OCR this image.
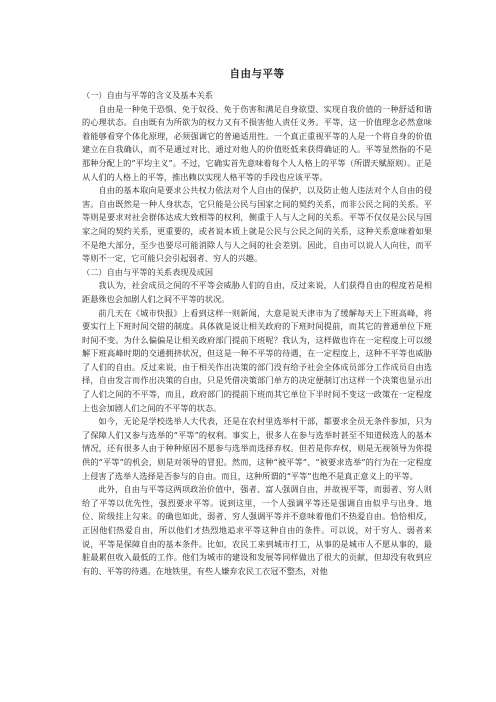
自由与平等

（一）自由与平等的含义及基本关系

自由是一种免于恐惧、免于奴役、免于伤害和满足自身欲望、实现自我价值的一种舒适和谐的心理状态。自由既有为所欲为的权力又有不损害他人责任义务。平等，这一价值理念必然意味着能够看穿个体化原理，必须强调它的普遍适用性。一个真正重视平等的人是一个将自身的价值建立在自我确认，而不是通过对比、通过对他人的价值贬低来获得确证的人。平等显然指的不是那种分配上的“平均主义”。不过，它确实首先意味着每个人人格上的平等（所谓天赋原则）。正是从人们的人格上的平等，推出赖以实现人格平等的手段也应该平等。

自由的基本取向是要求公共权力依法对个人自由的保护，以及防止他人违法对个人自由的侵害。自由既然是一种人身状态，它只能是公民与国家之间的契约关系，而非公民之间的关系。平等则是要求对社会群体达成大致相等的权利，侧重于人与人之间的关系。平等不仅仅是公民与国家之间的契约关系，更重要的，或者说本质上就是公民与公民之间的关系，这种关系意味着如果不是绝大部分，至少也要尽可能消除人与人之间的社会差别。因此，自由可以说人人向往，而平等则不一定，它可能只会引起弱者、穷人的兴趣。

（二）自由与平等的关系表现及成因

我认为，社会成员之间的不平等会威胁人们的自由，反过来说，人们获得自由的程度若是相距悬殊也会加剧人们之间不平等的状况。

前几天在《城市快报》上看到这样一则新闻，大意是说天津市为了缓解每天上下班高峰，将要实行上下班时间交错的制度。具体就是说让相关政府的下班时间提前，而其它的普通单位下班时间不变。为什么偏偏是让相关政府部门提前下班呢？我认为，这样做也许在一定程度上可以缓解下班高峰时期的交通拥挤状况，但这是一种不平等的待遇，在一定程度上，这种不平等也威胁了人们的自由。反过来说，由于相关作出决策的部门没有给予社会全体成员部分工作成员自由选择，自由发言而作出决策的自由，只是凭借决策部门单方的决定便制订出这样一个决策也显示出了人们之间的不平等，而且，政府部门的提前下班而其它单位下半时间不变这一政策在一定程度上也会加剧人们之间的不平等的状态。

如今，无论是学校选举人大代表，还是在农村里选举村干部，都要求全员无条件参加，只为了保障人们又参与选举的“平等”的权利。事实上，很多人在参与选举时甚至不知道候选人的基本情况，还有很多人由于种种原因不愿参与选举而选择弃权。但若是你弃权，则是无视领导为你提供的“平等”的机会，则是对领导的冒犯。然而，这种“被平等”、“被要求选举”的行为在一定程度上侵害了选举人选择是否参与的自由。而且，这种所谓的“平等”也绝不是真正意义上的平等。

此外，自由与平等这两项政治价值中，强者、富人强调自由，并故视平等，而弱者、穷人则给了平等以优先性，强烈要求平等。说到这里，一个人强调平等还是强调自由似乎与出身、地位、阶级挂上勾来。的确也如此，弱者、穷人强调平等并不意味着他们不热爱自由。恰恰相反，正因他们热爱自由，所以他们才热烈地追求平等这种自由的条件。可以说，对于穷人、弱者来说，平等是保障自由的基本条件。比如，农民工来到城市打工，从事的是城市人不愿从事的，最脏最累但收入最低的工作。他们为城市的建设和发展等同样做出了很大的贡献，但却没有收到应有的、平等的待遇。在地铁里，有些人嫌弃农民工衣冠不整杰，对他
